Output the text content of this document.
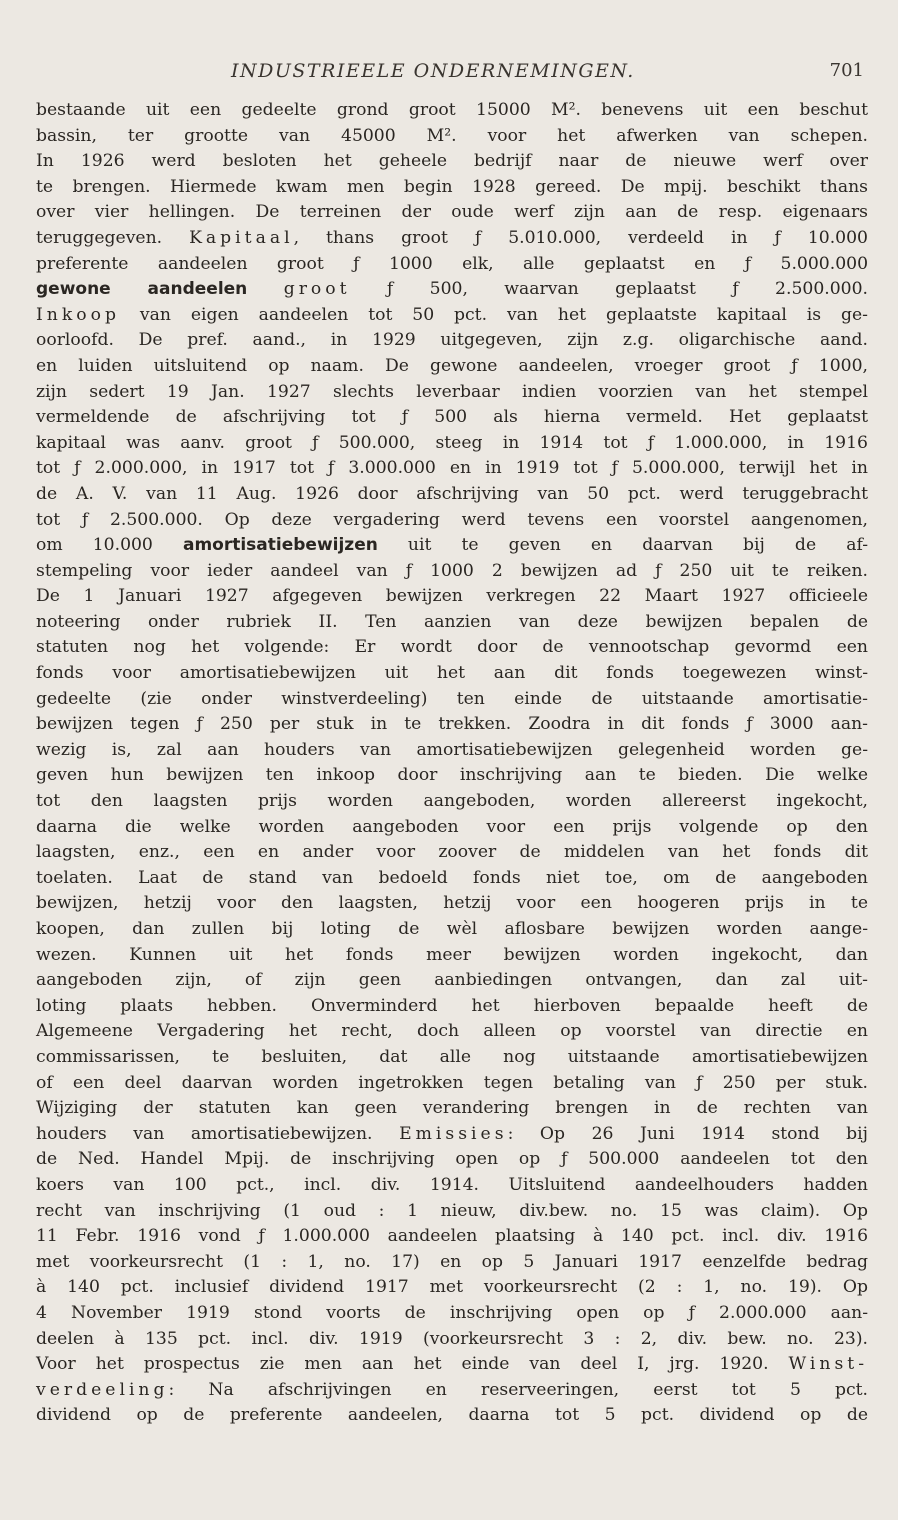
INDUSTRIEELE ONDERNEMINGEN.	701
bestaande uit een gedeelte grond groot 15000 M². benevens uit een beschut
bassin, ter grootte van 45000 M². voor het afwerken van schepen.
In 1926 werd besloten het geheele bedrijf naar de nieuwe werf over
te brengen. Hiermede kwam men begin 1928 gereed. De mpij. beschikt thans
over vier hellingen. De terreinen der oude werf zijn aan de resp. eigenaars
teruggegeven. Kapitaal, thans groot ƒ 5.010.000, verdeeld in ƒ 10.000
preferente aandeelen groot ƒ 1000 elk, alle geplaatst en ƒ 5.000.000
gewone aandeelen groot ƒ 500, waarvan geplaatst ƒ 2.500.000.
Inkoop van eigen aandeelen tot 50 pct. van het geplaatste kapitaal is ge-
oorloofd. De pref. aand., in 1929 uitgegeven, zijn z.g. oligarchische aand.
en luiden uitsluitend op naam. De gewone aandeelen, vroeger groot ƒ 1000,
zijn sedert 19 Jan. 1927 slechts leverbaar indien voorzien van het stempel
vermeldende de afschrijving tot ƒ 500 als hierna vermeld. Het geplaatst
kapitaal was aanv. groot ƒ 500.000, steeg in 1914 tot ƒ 1.000.000, in 1916
tot ƒ 2.000.000, in 1917 tot ƒ 3.000.000 en in 1919 tot ƒ 5.000.000, terwijl het in
de A. V. van 11 Aug. 1926 door afschrijving van 50 pct. werd teruggebracht
tot ƒ 2.500.000. Op deze vergadering werd tevens een voorstel aangenomen,
om 10.000 amortisatiebewijzen uit te geven en daarvan bij de af-
stempeling voor ieder aandeel van ƒ 1000 2 bewijzen ad ƒ 250 uit te reiken.
De 1 Januari 1927 afgegeven bewijzen verkregen 22 Maart 1927 officieele
noteering onder rubriek II. Ten aanzien van deze bewijzen bepalen de
statuten nog het volgende: Er wordt door de vennootschap gevormd een
fonds voor amortisatiebewijzen uit het aan dit fonds toegewezen winst-
gedeelte (zie onder winstverdeeling) ten einde de uitstaande amortisatie-
bewijzen tegen ƒ 250 per stuk in te trekken. Zoodra in dit fonds ƒ 3000 aan-
wezig is, zal aan houders van amortisatiebewijzen gelegenheid worden ge-
geven hun bewijzen ten inkoop door inschrijving aan te bieden. Die welke
tot den laagsten prijs worden aangeboden, worden allereerst ingekocht,
daarna die welke worden aangeboden voor een prijs volgende op den
laagsten, enz., een en ander voor zoover de middelen van het fonds dit
toelaten. Laat de stand van bedoeld fonds niet toe, om de aangeboden
bewijzen, hetzij voor den laagsten, hetzij voor een hoogeren prijs in te
koopen, dan zullen bij loting de wèl aflosbare bewijzen worden aange-
wezen. Kunnen uit het fonds meer bewijzen worden ingekocht, dan
aangeboden zijn, of zijn geen aanbiedingen ontvangen, dan zal uit-
loting plaats hebben. Onverminderd het hierboven bepaalde heeft de
Algemeene Vergadering het recht, doch alleen op voorstel van directie en
commissarissen, te besluiten, dat alle nog uitstaande amortisatiebewijzen
of een deel daarvan worden ingetrokken tegen betaling van ƒ 250 per stuk.
Wijziging der statuten kan geen verandering brengen in de rechten van
houders van amortisatiebewijzen. Emissies: Op 26 Juni 1914 stond bij
de Ned. Handel Mpij. de inschrijving open op ƒ 500.000 aandeelen tot den
koers van 100 pct., incl. div. 1914. Uitsluitend aandeelhouders hadden
recht van inschrijving (1 oud : 1 nieuw, div.bew. no. 15 was claim). Op
11 Febr. 1916 vond ƒ 1.000.000 aandeelen plaatsing à 140 pct. incl. div. 1916
met voorkeursrecht (1 : 1, no. 17) en op 5 Januari 1917 eenzelfde bedrag
à 140 pct. inclusief dividend 1917 met voorkeursrecht (2 : 1, no. 19). Op
4 November 1919 stond voorts de inschrijving open op ƒ 2.000.000 aan-
deelen à 135 pct. incl. div. 1919 (voorkeursrecht 3 : 2, div. bew. no. 23).
Voor het prospectus zie men aan het einde van deel I, jrg. 1920. Winst-
verdeeling: Na afschrijvingen en reserveeringen, eerst tot 5 pct.
dividend op de preferente aandeelen, daarna tot 5 pct. dividend op de
